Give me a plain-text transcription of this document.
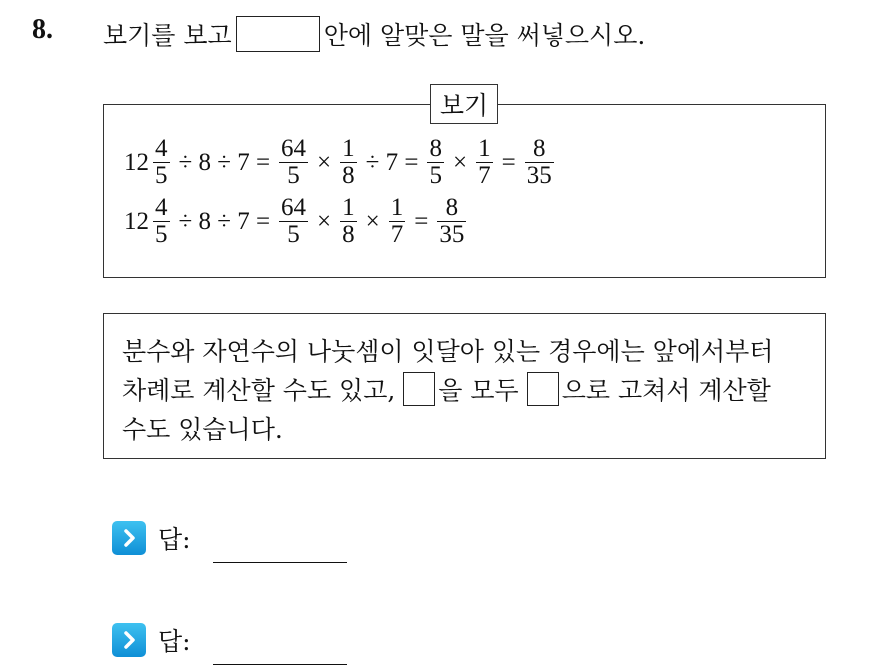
8. 보기를 보고	안에 알맞은 말을 써넣으시오.
보기
$12 \frac{4}{5} \div 8 \div 7 = \frac{64}{5} \times \frac{1}{8} \div 7 = \frac{8}{5} \times \frac{1}{7} = \frac{8}{35}$
$12 \frac{4}{5} \div 8 \div 7 = \frac{64}{5} \times \frac{1}{8} \times \frac{1}{7} = \frac{8}{35}$
분수와 자연수의 나눗셈이 잇달아 있는 경우에는 앞에서부터
차례로 계산할 수도 있고, 을 모두 으로 고쳐서 계산할
수도 있습니다.
답:
답:
